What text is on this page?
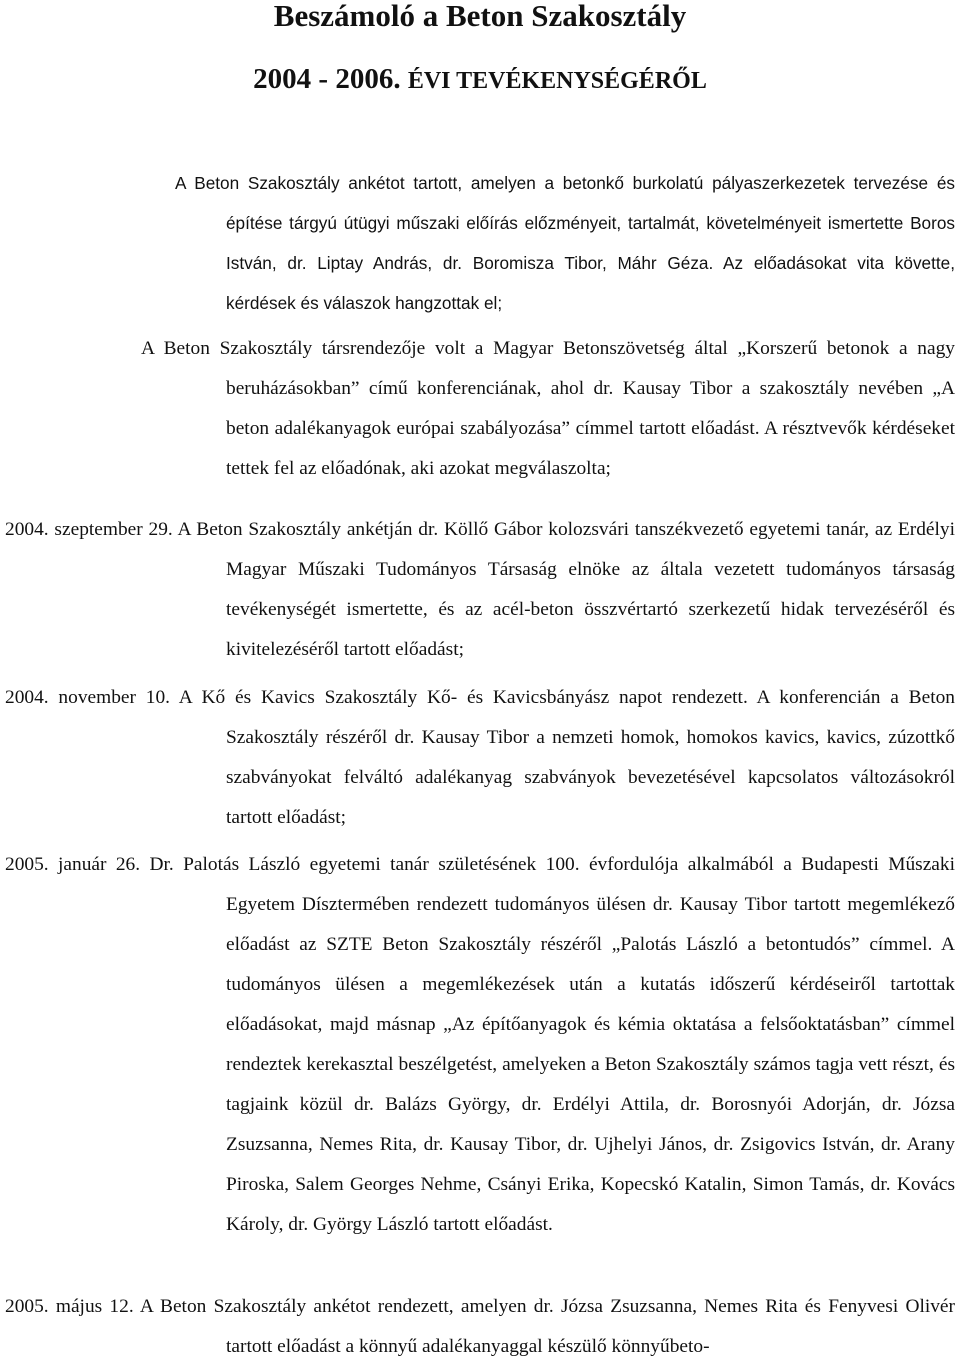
Beszámoló a Beton Szakosztály
2004 - 2006. ÉVI TEVÉKENYSÉGÉRŐL

A Beton Szakosztály ankétot tartott, amelyen a betonkő burkolatú pályaszerkezetek tervezése és építése tárgyú útügyi műszaki előírás előzményeit, tartalmát, követelményeit ismertette Boros István, dr. Liptay András, dr. Boromisza Tibor, Máhr Géza. Az előadásokat vita követte, kérdések és válaszok hangzottak el;

A Beton Szakosztály társrendezője volt a Magyar Betonszövetség által „Korszerű betonok a nagy beruházásokban” című konferenciának, ahol dr. Kausay Tibor a szakosztály nevében „A beton adalékanyagok európai szabályozása” címmel tartott előadást. A résztvevők kérdéseket tettek fel az előadónak, aki azokat megválaszolta;

2004. szeptember 29. A Beton Szakosztály ankétján dr. Köllő Gábor kolozsvári tanszékvezető egyetemi tanár, az Erdélyi Magyar Műszaki Tudományos Társaság elnöke az általa vezetett tudományos társaság tevékenységét ismertette, és az acél-beton összvértartó szerkezetű hidak tervezéséről és kivitelezéséről tartott előadást;

2004. november 10. A Kő és Kavics Szakosztály Kő- és Kavicsbányász napot rendezett. A konferencián a Beton Szakosztály részéről dr. Kausay Tibor a nemzeti homok, homokos kavics, kavics, zúzottkő szabványokat felváltó adalékanyag szabványok bevezetésével kapcsolatos változásokról tartott előadást;

2005. január 26. Dr. Palotás László egyetemi tanár születésének 100. évfordulója alkalmából a Budapesti Műszaki Egyetem Dísztermében rendezett tudományos ülésen dr. Kausay Tibor tartott megemlékező előadást az SZTE Beton Szakosztály részéről „Palotás László a betontudós” címmel. A tudományos ülésen a megemlékezések után a kutatás időszerű kérdéseiről tartottak előadásokat, majd másnap „Az építőanyagok és kémia oktatása a felsőoktatásban” címmel rendeztek kerekasztal beszélgetést, amelyeken a Beton Szakosztály számos tagja vett részt, és tagjaink közül dr. Balázs György, dr. Erdélyi Attila, dr. Borosnyói Adorján, dr. Józsa Zsuzsanna, Nemes Rita, dr. Kausay Tibor, dr. Ujhelyi János, dr. Zsigovics István, dr. Arany Piroska, Salem Georges Nehme, Csányi Erika, Kopecskó Katalin, Simon Tamás, dr. Kovács Károly, dr. György László tartott előadást.

2005. május 12. A Beton Szakosztály ankétot rendezett, amelyen dr. Józsa Zsuzsanna, Nemes Rita és Fenyvesi Olivér tartott előadást a könnyű adalékanyaggal készülő könnyűbeto-
